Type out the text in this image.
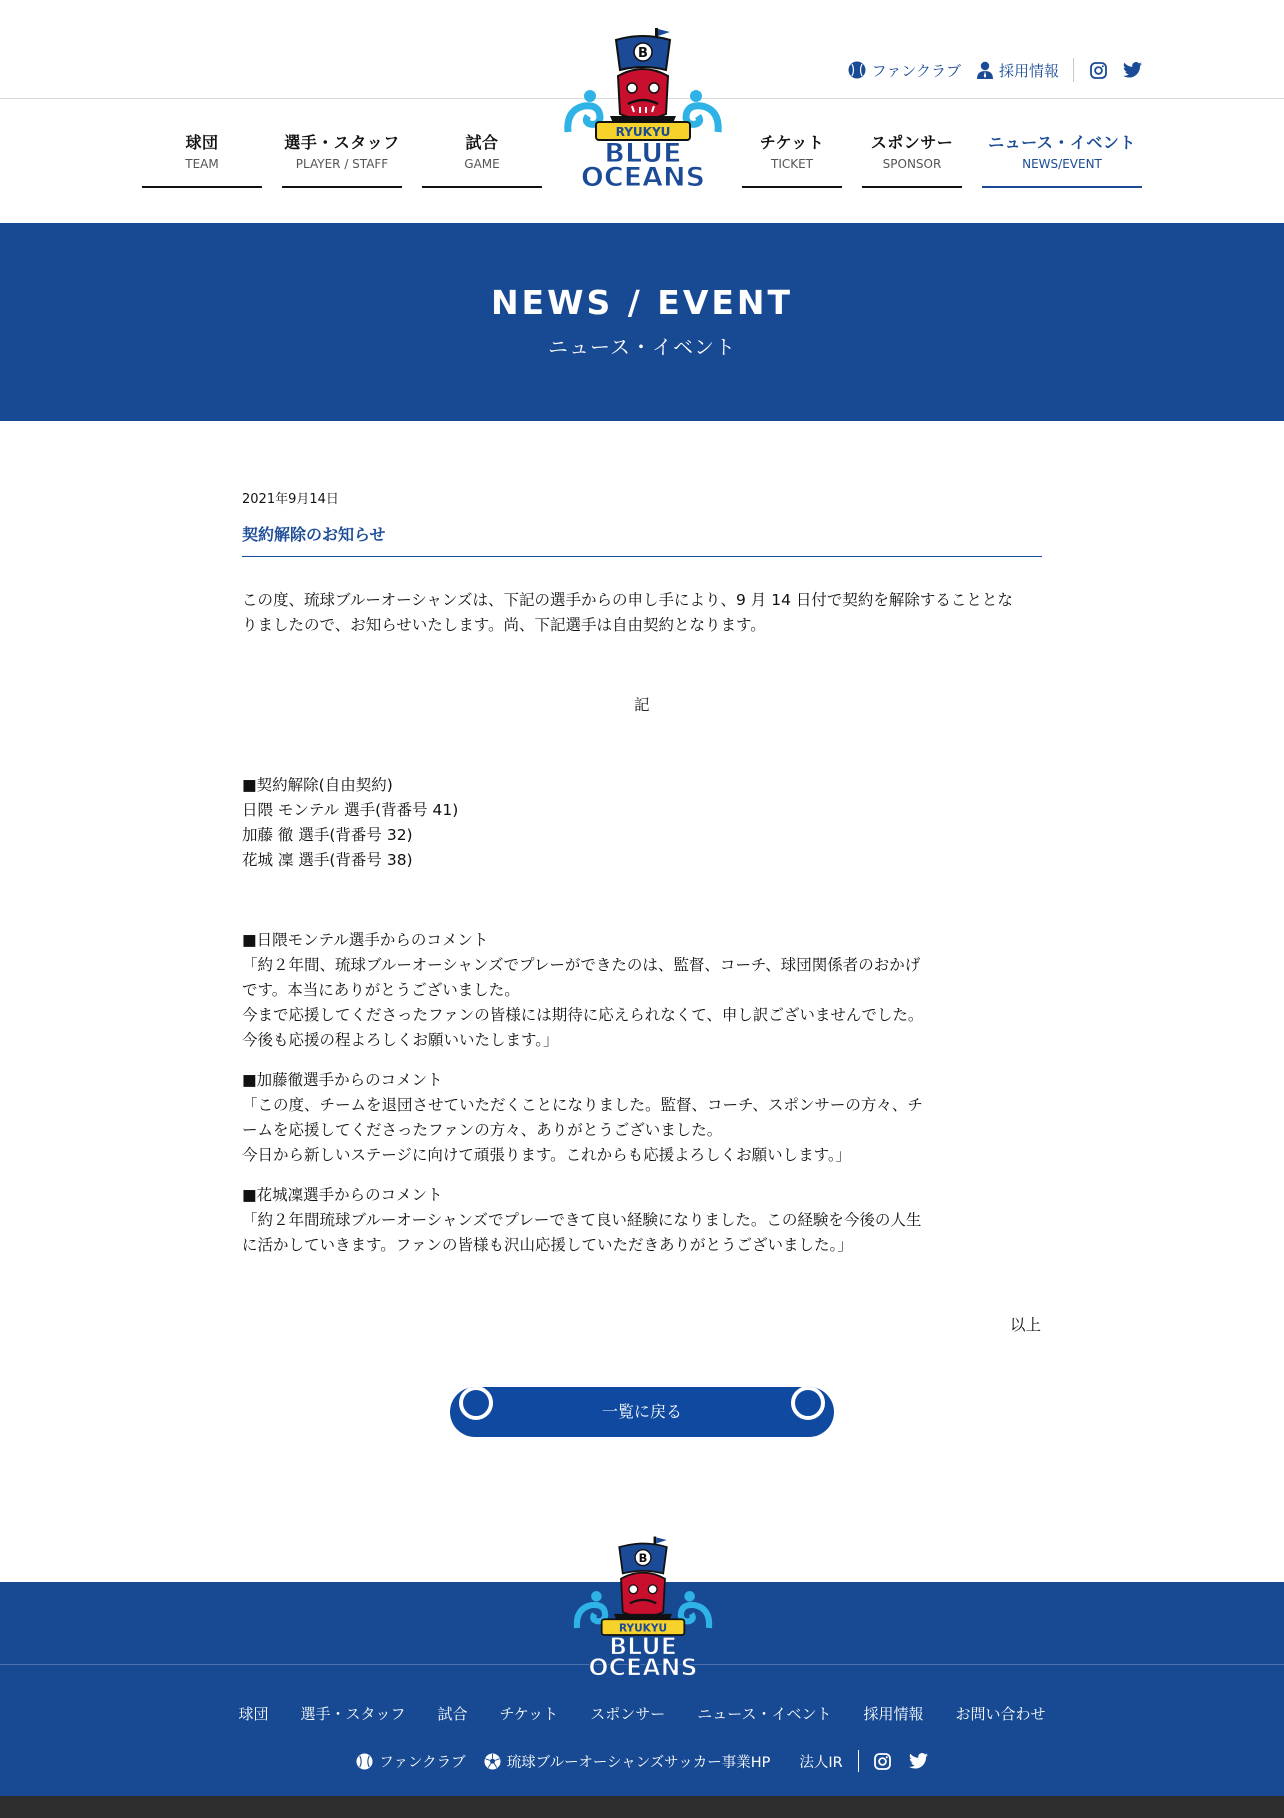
ファンクラブ	採用情報
B
RYUKYU
BLUE
OCEANS
球団
TEAM
選手・スタッフ
PLAYER / STAFF
試合
GAME
チケット
TICKET
スポンサー
SPONSOR
ニュース・イベント
NEWS/EVENT
NEWS / EVENT
ニュース・イベント
2021年9月14日
契約解除のお知らせ
この度、琉球ブルーオーシャンズは、下記の選手からの申し手により、9 月 14 日付で契約を解除することとな
りましたので、お知らせいたします。尚、下記選手は自由契約となります。
記
■契約解除(自由契約)
日隈 モンテル 選手(背番号 41)
加藤 徹 選手(背番号 32)
花城 凜 選手(背番号 38)
■日隈モンテル選手からのコメント
「約２年間、琉球ブルーオーシャンズでプレーができたのは、監督、コーチ、球団関係者のおかげ
です。本当にありがとうございました。
今まで応援してくださったファンの皆様には期待に応えられなくて、申し訳ございませんでした。
今後も応援の程よろしくお願いいたします。」
■加藤徹選手からのコメント
「この度、チームを退団させていただくことになりました。監督、コーチ、スポンサーの方々、チ
ームを応援してくださったファンの方々、ありがとうございました。
今日から新しいステージに向けて頑張ります。これからも応援よろしくお願いします。」
■花城凜選手からのコメント
「約２年間琉球ブルーオーシャンズでプレーできて良い経験になりました。この経験を今後の人生
に活かしていきます。ファンの皆様も沢山応援していただきありがとうございました。」
以上
一覧に戻る
B
RYUKYU
BLUE
OCEANS
球団 選手・スタッフ 試合 チケット スポンサー ニュース・イベント 採用情報 お問い合わせ
ファンクラブ	琉球ブルーオーシャンズサッカー事業HP 法人IR
